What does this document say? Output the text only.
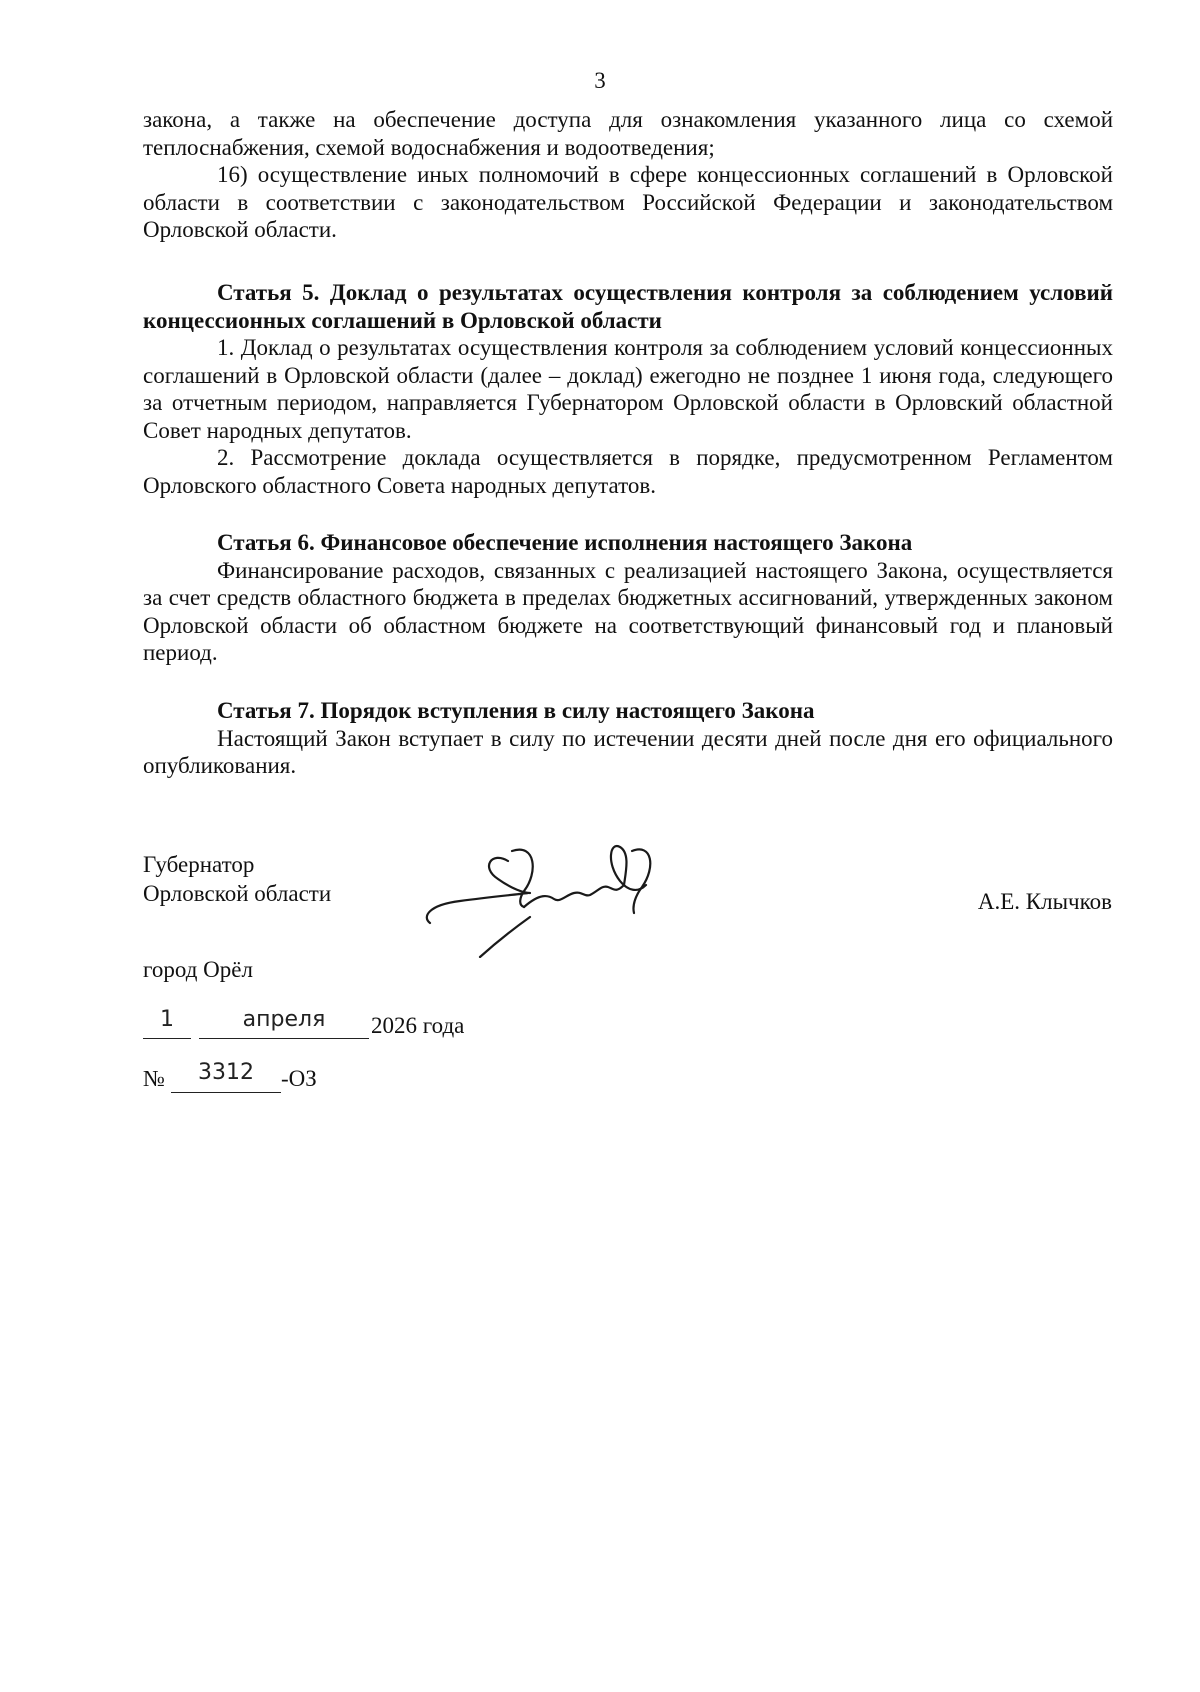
3

закона, а также на обеспечение доступа для ознакомления указанного лица со схемой теплоснабжения, схемой водоснабжения и водоотведения;

16) осуществление иных полномочий в сфере концессионных соглашений в Орловской области в соответствии с законодательством Российской Федерации и законодательством Орловской области.

Статья 5. Доклад о результатах осуществления контроля за соблюдением условий концессионных соглашений в Орловской области

1. Доклад о результатах осуществления контроля за соблюдением условий концессионных соглашений в Орловской области (далее – доклад) ежегодно не позднее 1 июня года, следующего за отчетным периодом, направляется Губернатором Орловской области в Орловский областной Совет народных депутатов.

2. Рассмотрение доклада осуществляется в порядке, предусмотренном Регламентом Орловского областного Совета народных депутатов.

Статья 6. Финансовое обеспечение исполнения настоящего Закона

Финансирование расходов, связанных с реализацией настоящего Закона, осуществляется за счет средств областного бюджета в пределах бюджетных ассигнований, утвержденных законом Орловской области об областном бюджете на соответствующий финансовый год и плановый период.

Статья 7. Порядок вступления в силу настоящего Закона

Настоящий Закон вступает в силу по истечении десяти дней после дня его официального опубликования.

Губернатор
Орловской области	А.Е. Клычков
город Орёл
1	апреля	2026 года
№	3312	-ОЗ
